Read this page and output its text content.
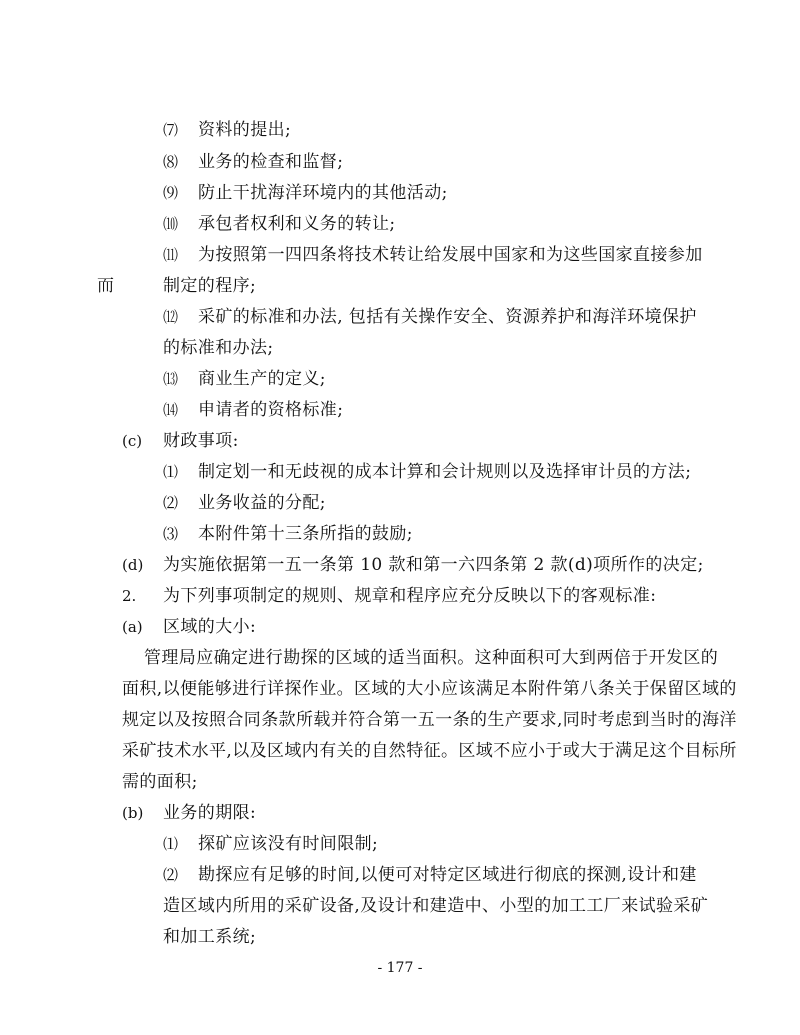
⑺ 资料的提出;
⑻ 业务的检查和监督;
⑼ 防止干扰海洋环境内的其他活动;
⑽ 承包者权利和义务的转让;
⑾ 为按照第一四四条将技术转让给发展中国家和为这些国家直接参加
而	制定的程序;
⑿ 采矿的标准和办法, 包括有关操作安全、资源养护和海洋环境保护
的标准和办法;
⒀ 商业生产的定义;
⒁ 申请者的资格标准;
(c) 财政事项:
⑴ 制定划一和无歧视的成本计算和会计规则以及选择审计员的方法;
⑵ 业务收益的分配;
⑶ 本附件第十三条所指的鼓励;
(d) 为实施依据第一五一条第 10 款和第一六四条第 2 款(d)项所作的决定;
2. 为下列事项制定的规则、规章和程序应充分反映以下的客观标准:
(a) 区域的大小:
管理局应确定进行勘探的区域的适当面积。这种面积可大到两倍于开发区的
面积,以便能够进行详探作业。区域的大小应该满足本附件第八条关于保留区域的
规定以及按照合同条款所载并符合第一五一条的生产要求,同时考虑到当时的海洋
采矿技术水平,以及区域内有关的自然特征。区域不应小于或大于满足这个目标所
需的面积;
(b) 业务的期限:
⑴ 探矿应该没有时间限制;
⑵ 勘探应有足够的时间,以便可对特定区域进行彻底的探测,设计和建
造区域内所用的采矿设备,及设计和建造中、小型的加工工厂来试验采矿
和加工系统;
- 177 -
